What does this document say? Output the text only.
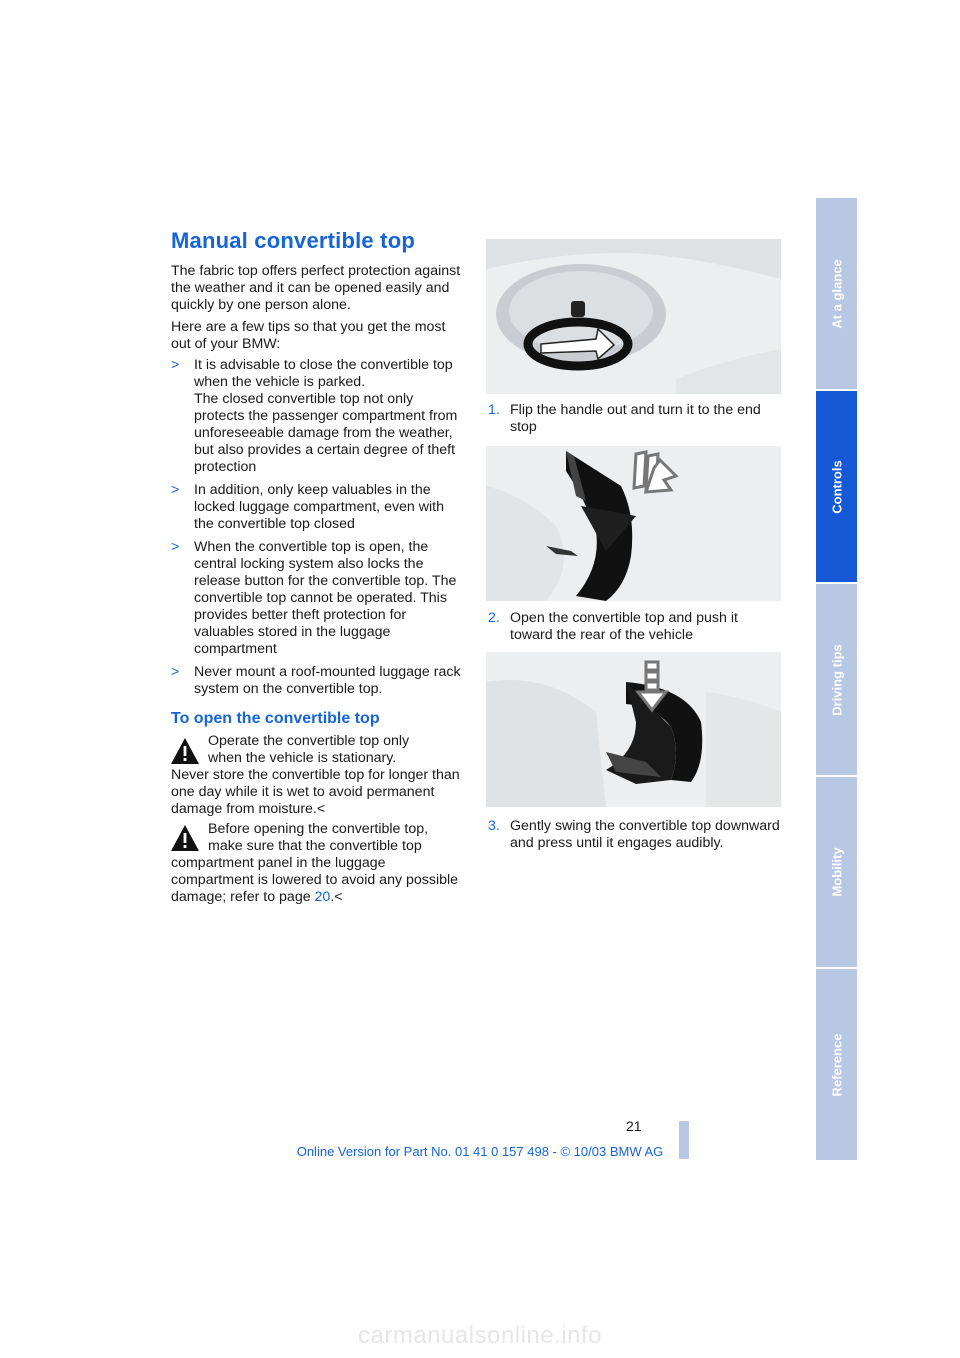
Manual convertible top
The fabric top offers perfect protection against the weather and it can be opened easily and quickly by one person alone.
Here are a few tips so that you get the most out of your BMW:
> It is advisable to close the convertible top when the vehicle is parked.
The closed convertible top not only protects the passenger compartment from unforeseeable damage from the weather, but also provides a certain degree of theft protection
> In addition, only keep valuables in the locked luggage compartment, even with the convertible top closed
> When the convertible top is open, the central locking system also locks the release button for the convertible top. The convertible top cannot be operated. This provides better theft protection for valuables stored in the luggage compartment
> Never mount a roof-mounted luggage rack system on the convertible top.
To open the convertible top
Operate the convertible top only
when the vehicle is stationary.
Never store the convertible top for longer than one day while it is wet to avoid permanent damage from moisture.<
Before opening the convertible top,
make sure that the convertible top
compartment panel in the luggage compartment is lowered to avoid any possible damage; refer to page 20.<
1. Flip the handle out and turn it to the end stop
2. Open the convertible top and push it toward the rear of the vehicle
3. Gently swing the convertible top downward and press until it engages audibly.
At a glance
Controls
Driving tips
Mobility
Reference
21
Online Version for Part No. 01 41 0 157 498 - © 10/03 BMW AG
carmanualsonline.info
